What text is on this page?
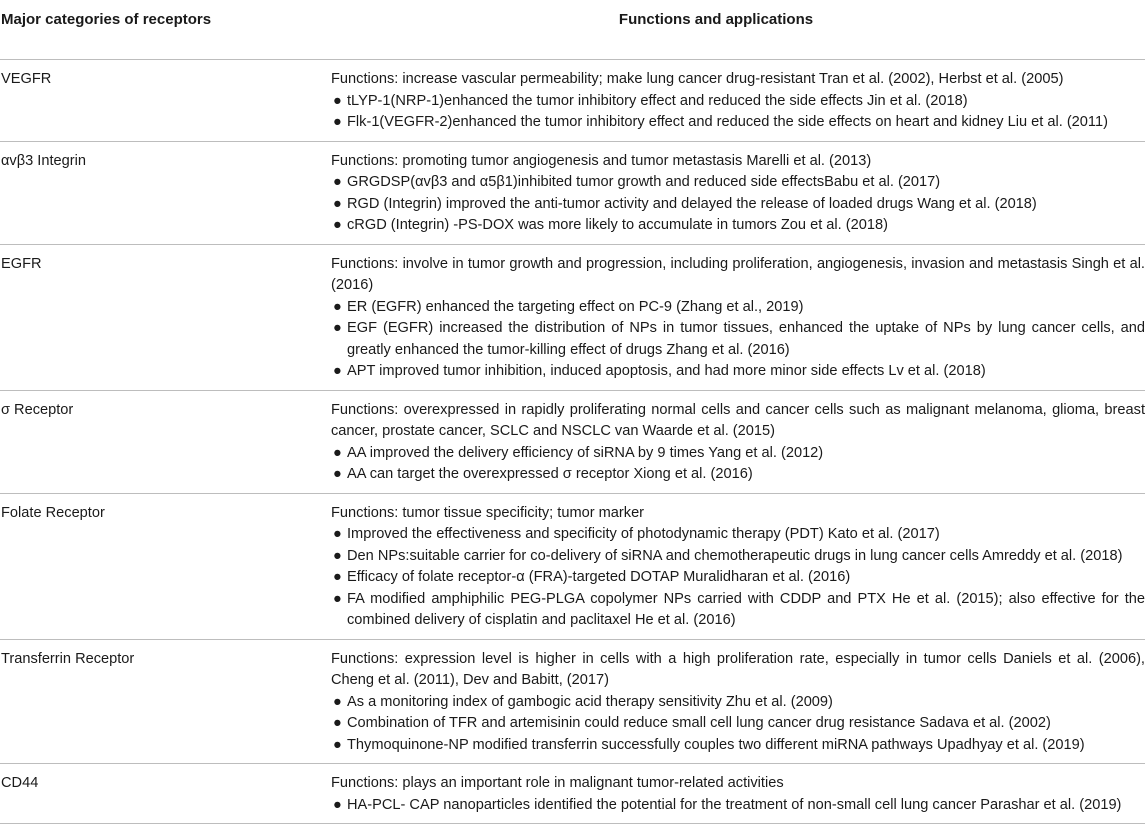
Major categories of receptors	Functions and applications
VEGFR	Functions: increase vascular permeability; make lung cancer drug-resistant Tran et al. (2002), Herbst et al. (2005)
● tLYP-1(NRP-1)enhanced the tumor inhibitory effect and reduced the side effects Jin et al. (2018)
● Flk-1(VEGFR-2)enhanced the tumor inhibitory effect and reduced the side effects on heart and kidney Liu et al. (2011)
αvβ3 Integrin	Functions: promoting tumor angiogenesis and tumor metastasis Marelli et al. (2013)
● GRGDSP(αvβ3 and α5β1)inhibited tumor growth and reduced side effectsBabu et al. (2017)
● RGD (Integrin) improved the anti-tumor activity and delayed the release of loaded drugs Wang et al. (2018)
● cRGD (Integrin) -PS-DOX was more likely to accumulate in tumors Zou et al. (2018)
EGFR	Functions: involve in tumor growth and progression, including proliferation, angiogenesis, invasion and metastasis Singh et al. (2016)
● ER (EGFR) enhanced the targeting effect on PC-9 (Zhang et al., 2019)
● EGF (EGFR) increased the distribution of NPs in tumor tissues, enhanced the uptake of NPs by lung cancer cells, and greatly enhanced the tumor-killing effect of drugs Zhang et al. (2016)
● APT improved tumor inhibition, induced apoptosis, and had more minor side effects Lv et al. (2018)
σ Receptor	Functions: overexpressed in rapidly proliferating normal cells and cancer cells such as malignant melanoma, glioma, breast cancer, prostate cancer, SCLC and NSCLC van Waarde et al. (2015)
● AA improved the delivery efficiency of siRNA by 9 times Yang et al. (2012)
● AA can target the overexpressed σ receptor Xiong et al. (2016)
Folate Receptor	Functions: tumor tissue specificity; tumor marker
● Improved the effectiveness and specificity of photodynamic therapy (PDT) Kato et al. (2017)
● Den NPs:suitable carrier for co-delivery of siRNA and chemotherapeutic drugs in lung cancer cells Amreddy et al. (2018)
● Efficacy of folate receptor-α (FRA)-targeted DOTAP Muralidharan et al. (2016)
● FA modified amphiphilic PEG-PLGA copolymer NPs carried with CDDP and PTX He et al. (2015); also effective for the combined delivery of cisplatin and paclitaxel He et al. (2016)
Transferrin Receptor	Functions: expression level is higher in cells with a high proliferation rate, especially in tumor cells Daniels et al. (2006), Cheng et al. (2011), Dev and Babitt, (2017)
● As a monitoring index of gambogic acid therapy sensitivity Zhu et al. (2009)
● Combination of TFR and artemisinin could reduce small cell lung cancer drug resistance Sadava et al. (2002)
● Thymoquinone-NP modified transferrin successfully couples two different miRNA pathways Upadhyay et al. (2019)
CD44	Functions: plays an important role in malignant tumor-related activities
● HA-PCL- CAP nanoparticles identified the potential for the treatment of non-small cell lung cancer Parashar et al. (2019)
